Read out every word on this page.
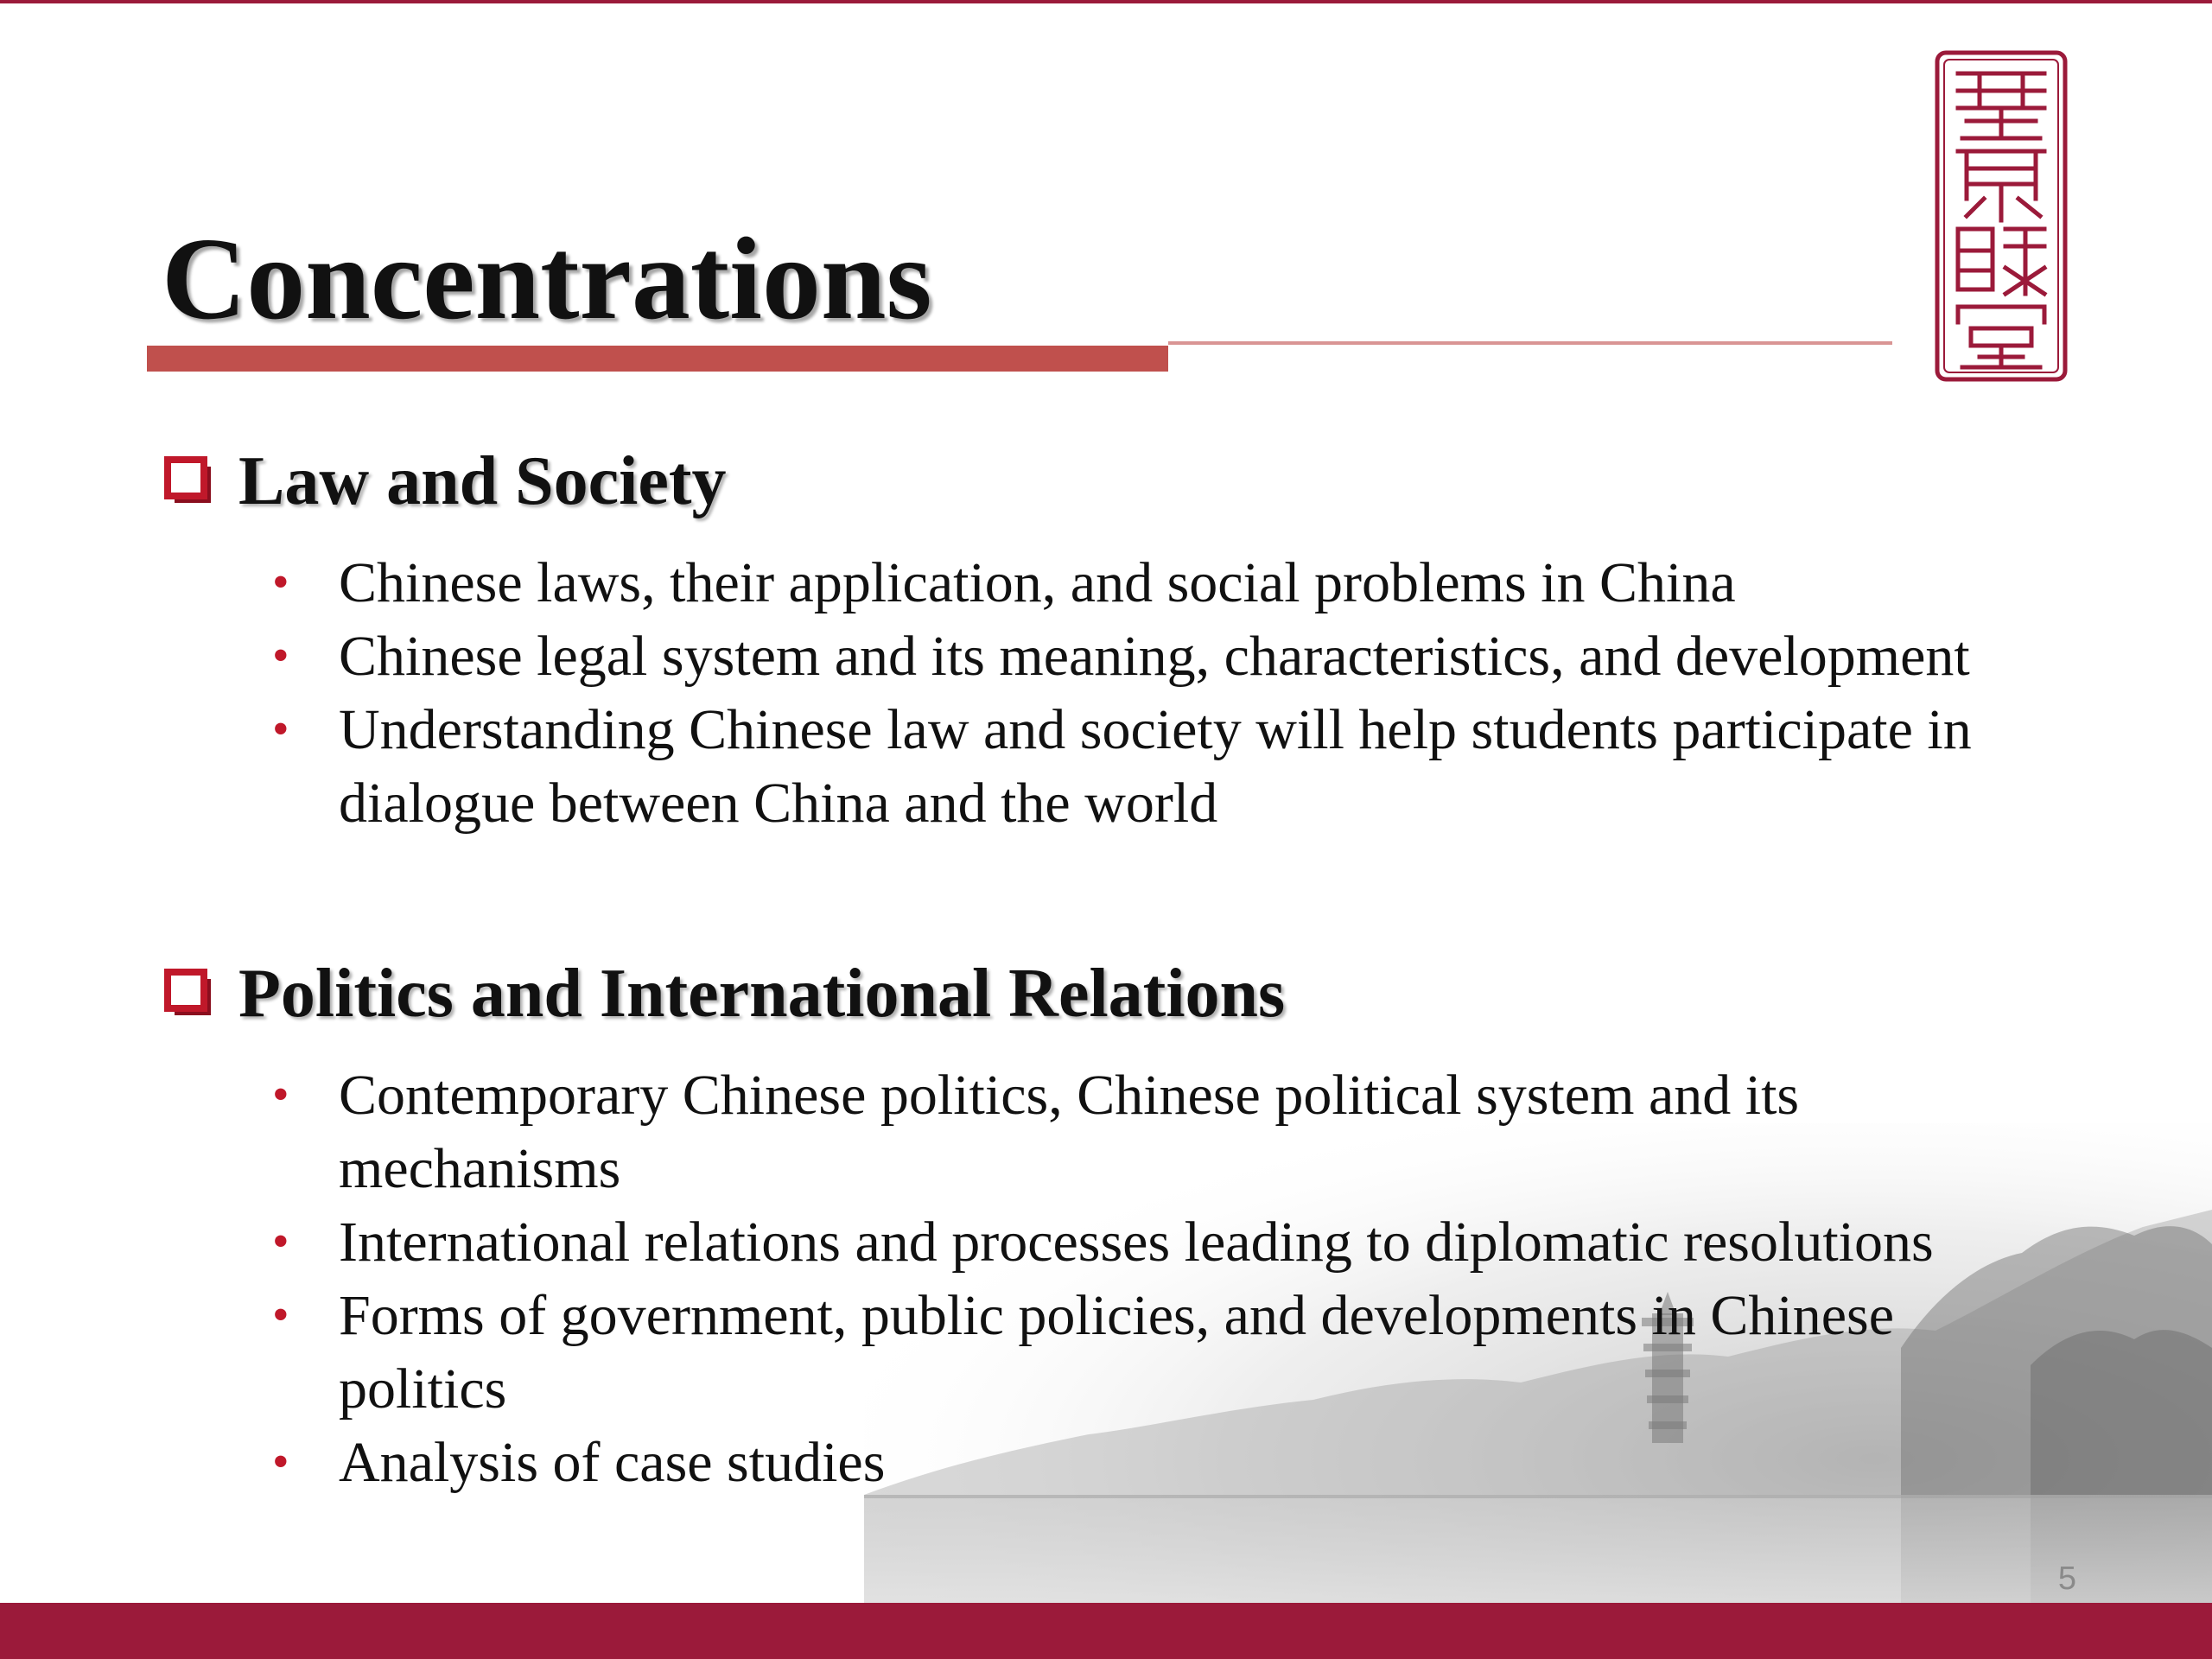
Concentrations
Law and Society
• Chinese laws, their application, and social problems in China
• Chinese legal system and its meaning, characteristics, and development
• Understanding Chinese law and society will help students participate in dialogue between China and the world
Politics and International Relations
• Contemporary Chinese politics, Chinese political system and its mechanisms
• International relations and processes leading to diplomatic resolutions
• Forms of government, public policies, and developments in Chinese politics
• Analysis of case studies
5
